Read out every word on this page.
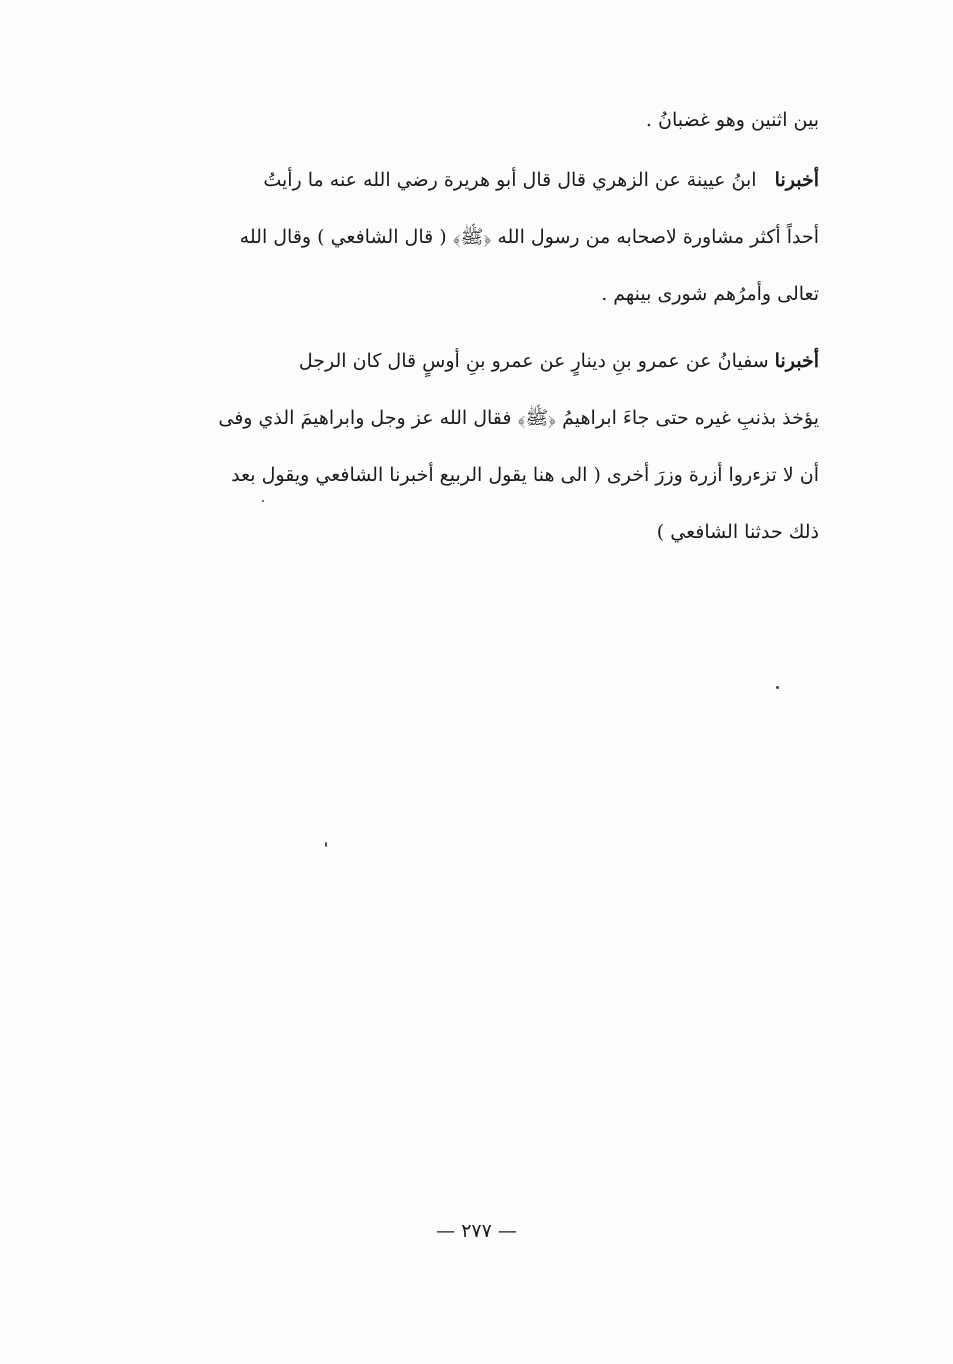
بين اثنين وهو غضبانُ .
أخبرنا   ابنُ عيينة عن الزهري قال قال أبو هريرة رضي الله عنه ما رأيتُ
أحداً أكثر مشاورة لاصحابه من رسول الله ﴿ﷺ﴾ ( قال الشافعي ) وقال الله
تعالى وأمرُهم شورى بينهم .
أخبرنا سفيانُ عن عمرو بنِ دينارٍ عن عمرو بنِ أوسٍ قال كان الرجل
يؤخذ بذنبِ غيره حتى جاءَ ابراهيمُ ﴿ﷺ﴾ فقال الله عز وجل وابراهيمَ الذي وفى
أن لا تزءروا أزرة وزرَ أخرى ( الى هنا يقول الربيع أخبرنا الشافعي ويقول بعد
ذلك حدثنا الشافعي )
— ٢٧٧ —
